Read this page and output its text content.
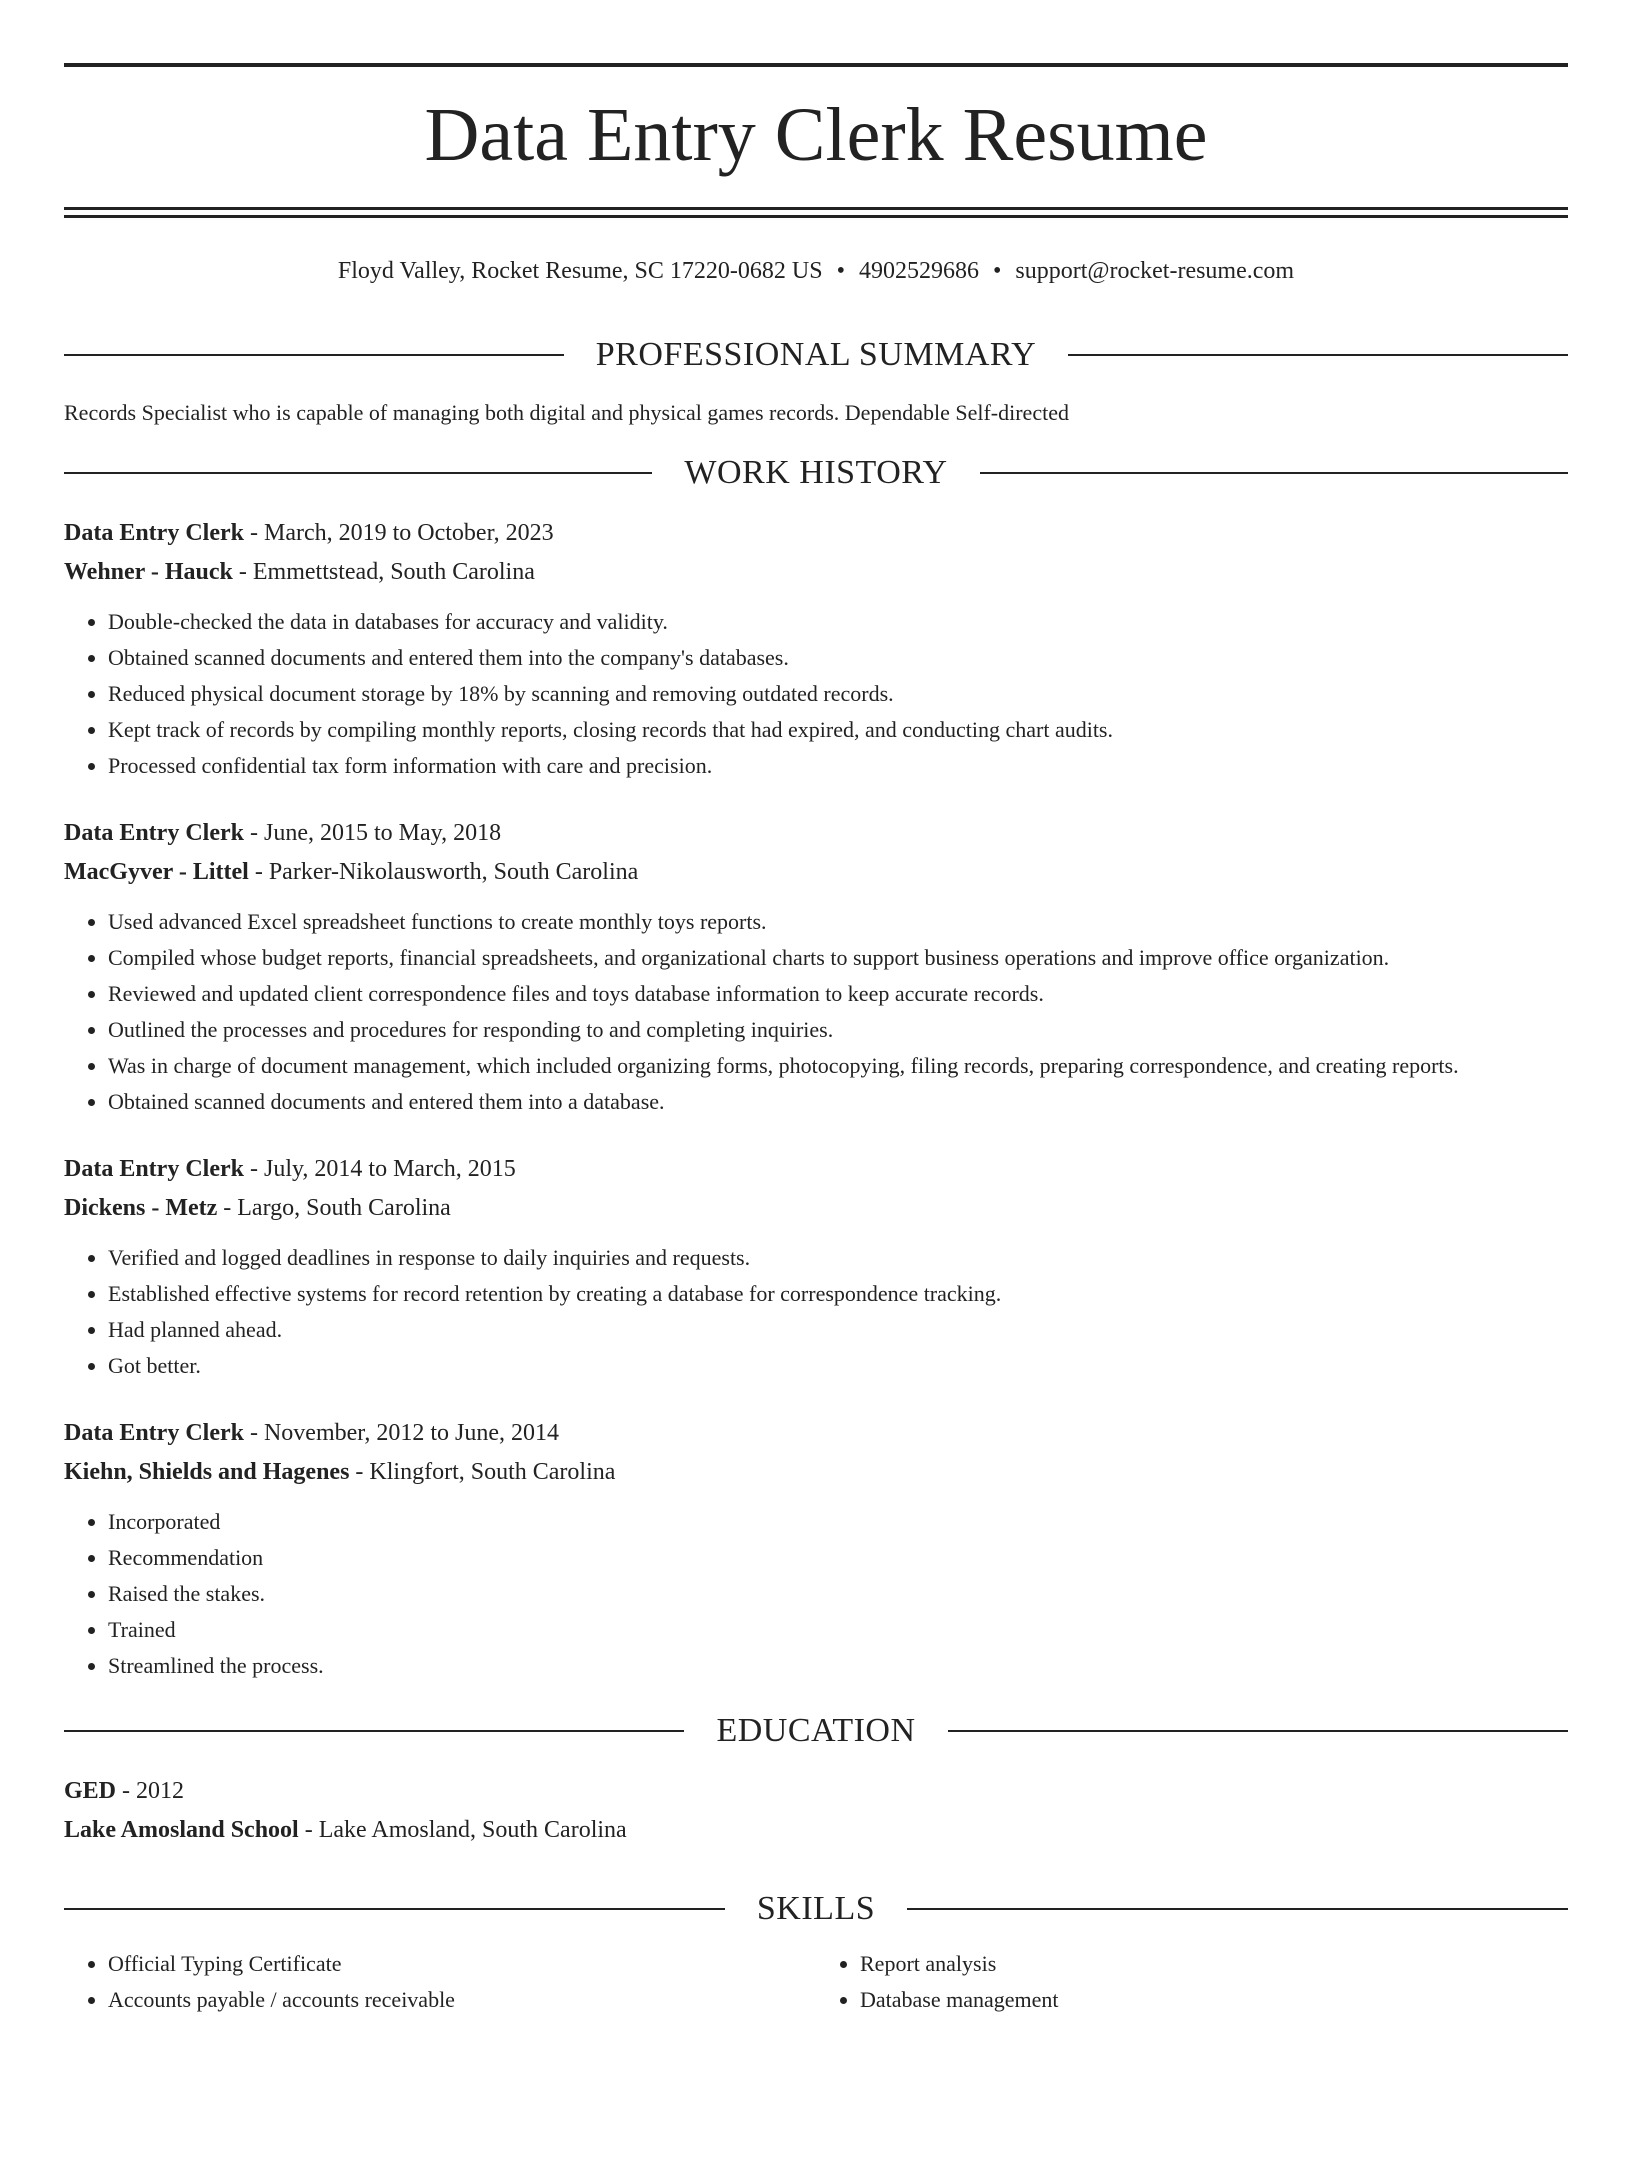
Data Entry Clerk Resume
Floyd Valley, Rocket Resume, SC 17220-0682 US • 4902529686 • support@rocket-resume.com
PROFESSIONAL SUMMARY
Records Specialist who is capable of managing both digital and physical games records. Dependable Self-directed
WORK HISTORY
Data Entry Clerk - March, 2019 to October, 2023
Wehner - Hauck - Emmettstead, South Carolina
• Double-checked the data in databases for accuracy and validity.
• Obtained scanned documents and entered them into the company's databases.
• Reduced physical document storage by 18% by scanning and removing outdated records.
• Kept track of records by compiling monthly reports, closing records that had expired, and conducting chart audits.
• Processed confidential tax form information with care and precision.
Data Entry Clerk - June, 2015 to May, 2018
MacGyver - Littel - Parker-Nikolausworth, South Carolina
• Used advanced Excel spreadsheet functions to create monthly toys reports.
• Compiled whose budget reports, financial spreadsheets, and organizational charts to support business operations and improve office organization.
• Reviewed and updated client correspondence files and toys database information to keep accurate records.
• Outlined the processes and procedures for responding to and completing inquiries.
• Was in charge of document management, which included organizing forms, photocopying, filing records, preparing correspondence, and creating reports.
• Obtained scanned documents and entered them into a database.
Data Entry Clerk - July, 2014 to March, 2015
Dickens - Metz - Largo, South Carolina
• Verified and logged deadlines in response to daily inquiries and requests.
• Established effective systems for record retention by creating a database for correspondence tracking.
• Had planned ahead.
• Got better.
Data Entry Clerk - November, 2012 to June, 2014
Kiehn, Shields and Hagenes - Klingfort, South Carolina
• Incorporated
• Recommendation
• Raised the stakes.
• Trained
• Streamlined the process.
EDUCATION
GED - 2012
Lake Amosland School - Lake Amosland, South Carolina
SKILLS
• Official Typing Certificate
• Accounts payable / accounts receivable
• Report analysis
• Database management
